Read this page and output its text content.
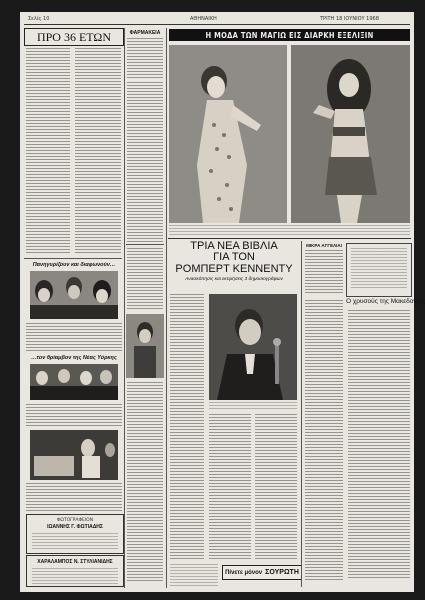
Σελίς 10	ΑΘΗΝΑΙΚΗ	ΤΡΙΤΗ 18 ΙΟΥΝΙΟΥ 1968
ΠΡΟ 36 ΕΤΩΝ
Πανηγυρίζουν και διαφωνούν…
…τον θρίαμβον της Νέας Υόρκης
ΦΩΤΟΓΡΑΦΕΙΟΝ
ΙΩΑΝΝΗΣ Γ. ΦΩΤΙΑΔΗΣ
ΧΑΡΑΛΑΜΠΟΣ Ν. ΣΤΥΛΙΑΝΙΔΗΣ
ΦΑΡΜΑΚΕΙΑ	Η ΜΟΔΑ ΤΩΝ ΜΑΓΙΩ ΕΙΣ ΔΙΑΡΚΗ ΕΞΕΛΙΞΙΝ
ΤΡΙΑ ΝΕΑ ΒΙΒΛΙΑ
ΓΙΑ ΤΟΝ
ΡΟΜΠΕΡΤ ΚΕΝΝΕΝΤΥ
Ανασκόπησις και εκτιμήσεις 3 δημοσιογράφων
Πίνετε μόνον ΣΟΥΡΩΤΗ
ΜΙΚΡΑ ΑΓΓΕΛΙΑΙ
Ο χρυσούς της Μακεδονίας
